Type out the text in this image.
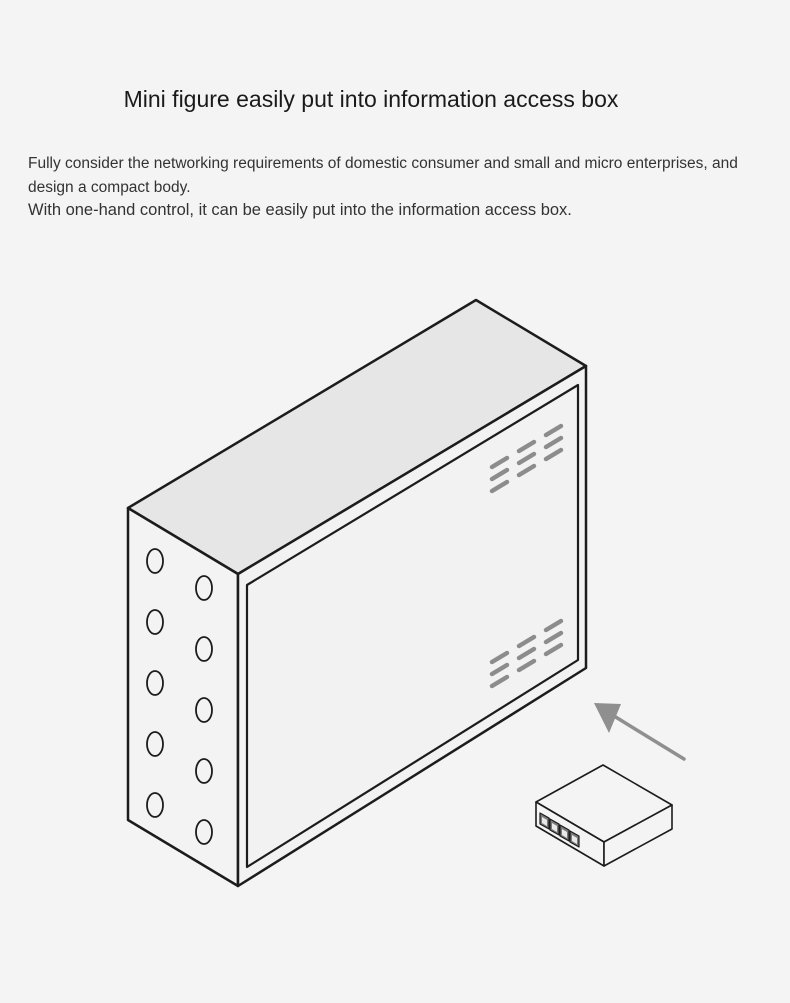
Mini figure easily put into information access box

Fully consider the networking requirements of domestic consumer and small and micro enterprises, and design a compact body.

With one-hand control, it can be easily put into the information access box.
